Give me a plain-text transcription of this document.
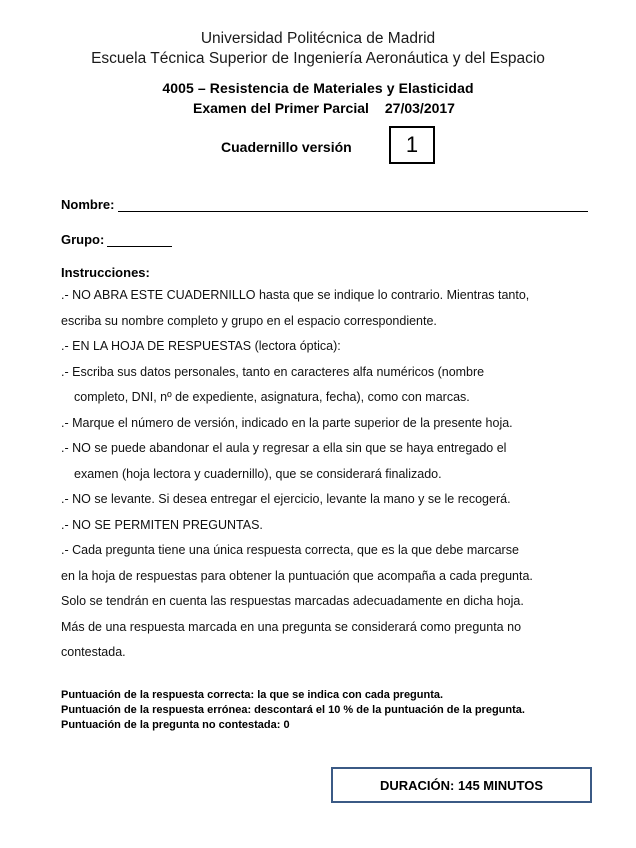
Universidad Politécnica de Madrid
Escuela Técnica Superior de Ingeniería Aeronáutica y del Espacio
4005 – Resistencia de Materiales y Elasticidad
Examen del Primer Parcial 27/03/2017
Cuadernillo versión	1
Nombre:
Grupo:
Instrucciones:
.- NO ABRA ESTE CUADERNILLO hasta que se indique lo contrario. Mientras tanto,
escriba su nombre completo y grupo en el espacio correspondiente.
.- EN LA HOJA DE RESPUESTAS (lectora óptica):
.- Escriba sus datos personales, tanto en caracteres alfa numéricos (nombre
completo, DNI, nº de expediente, asignatura, fecha), como con marcas.
.- Marque el número de versión, indicado en la parte superior de la presente hoja.
.- NO se puede abandonar el aula y regresar a ella sin que se haya entregado el
examen (hoja lectora y cuadernillo), que se considerará finalizado.
.- NO se levante. Si desea entregar el ejercicio, levante la mano y se le recogerá.
.- NO SE PERMITEN PREGUNTAS.
.- Cada pregunta tiene una única respuesta correcta, que es la que debe marcarse
en la hoja de respuestas para obtener la puntuación que acompaña a cada pregunta.
Solo se tendrán en cuenta las respuestas marcadas adecuadamente en dicha hoja.
Más de una respuesta marcada en una pregunta se considerará como pregunta no
contestada.
Puntuación de la respuesta correcta: la que se indica con cada pregunta.
Puntuación de la respuesta errónea: descontará el 10 % de la puntuación de la pregunta.
Puntuación de la pregunta no contestada: 0
DURACIÓN: 145 MINUTOS
